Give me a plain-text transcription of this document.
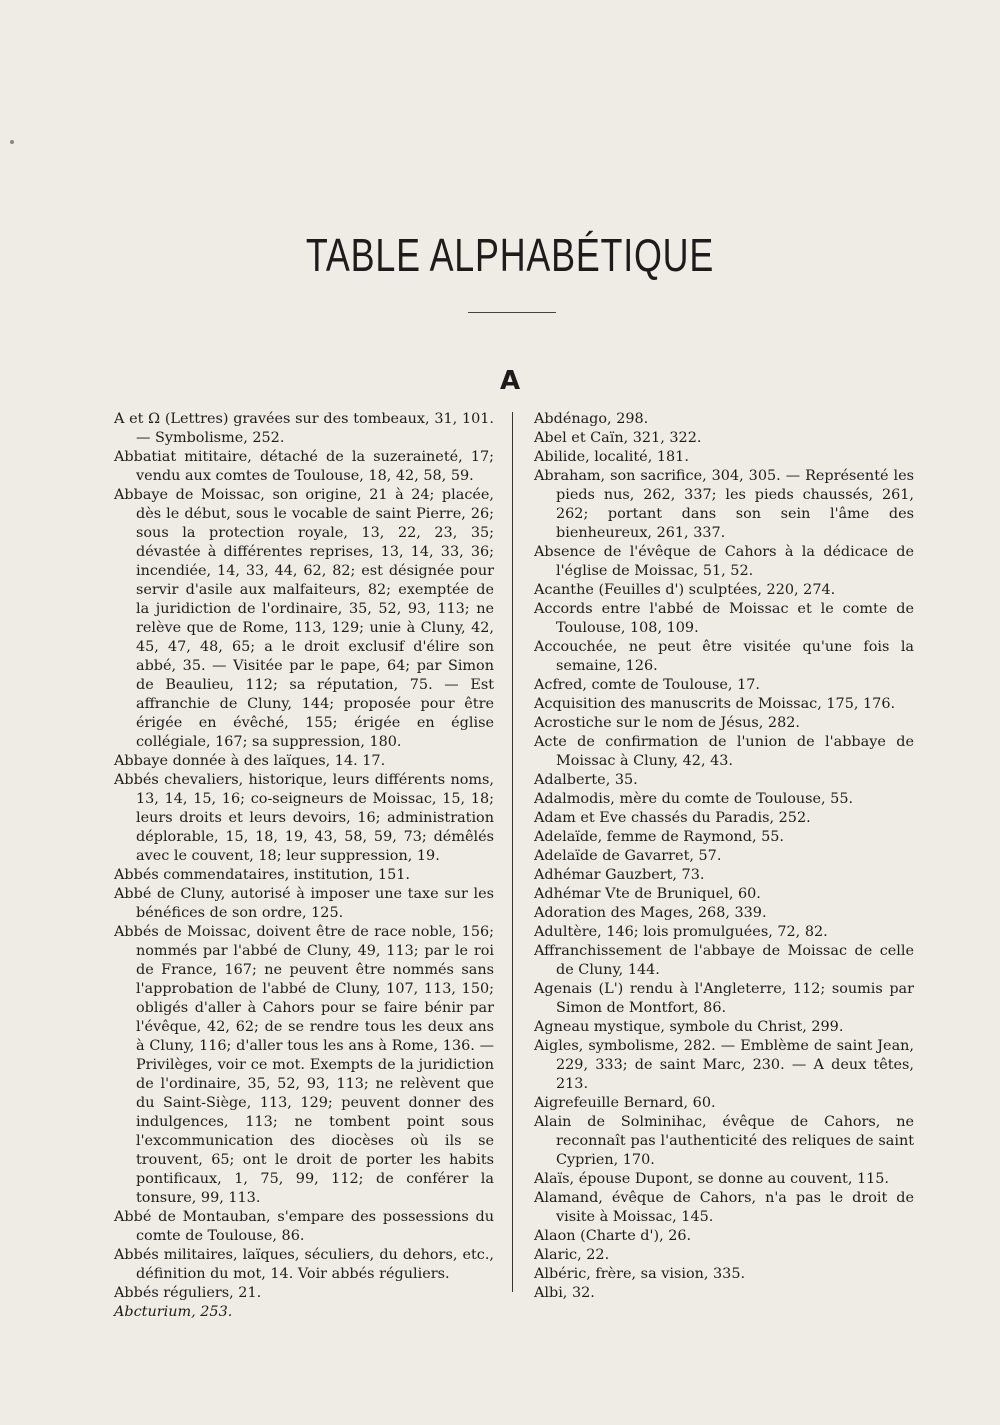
TABLE ALPHABÉTIQUE
A
A et Ω (Lettres) gravées sur des tombeaux, 31, 101. — Symbolisme, 252.
Abbatiat mititaire, détaché de la suzeraineté, 17; vendu aux comtes de Toulouse, 18, 42, 58, 59.
Abbaye de Moissac, son origine, 21 à 24; placée, dès le début, sous le vocable de saint Pierre, 26; sous la protection royale, 13, 22, 23, 35; dévastée à différentes reprises, 13, 14, 33, 36; incendiée, 14, 33, 44, 62, 82; est désignée pour servir d'asile aux malfaiteurs, 82; exemptée de la juridiction de l'ordinaire, 35, 52, 93, 113; ne relève que de Rome, 113, 129; unie à Cluny, 42, 45, 47, 48, 65; a le droit exclusif d'élire son abbé, 35. — Visitée par le pape, 64; par Simon de Beaulieu, 112; sa réputation, 75. — Est affranchie de Cluny, 144; proposée pour être érigée en évêché, 155; érigée en église collégiale, 167; sa suppression, 180.
Abbaye donnée à des laïques, 14. 17.
Abbés chevaliers, historique, leurs différents noms, 13, 14, 15, 16; co-seigneurs de Moissac, 15, 18; leurs droits et leurs devoirs, 16; administration déplorable, 15, 18, 19, 43, 58, 59, 73; démêlés avec le couvent, 18; leur suppression, 19.
Abbés commendataires, institution, 151.
Abbé de Cluny, autorisé à imposer une taxe sur les bénéfices de son ordre, 125.
Abbés de Moissac, doivent être de race noble, 156; nommés par l'abbé de Cluny, 49, 113; par le roi de France, 167; ne peuvent être nommés sans l'approbation de l'abbé de Cluny, 107, 113, 150; obligés d'aller à Cahors pour se faire bénir par l'évêque, 42, 62; de se rendre tous les deux ans à Cluny, 116; d'aller tous les ans à Rome, 136. — Privilèges, voir ce mot. Exempts de la juridiction de l'ordinaire, 35, 52, 93, 113; ne relèvent que du Saint-Siège, 113, 129; peuvent donner des indulgences, 113; ne tombent point sous l'excommunication des diocèses où ils se trouvent, 65; ont le droit de porter les habits pontificaux, 1, 75, 99, 112; de conférer la tonsure, 99, 113.
Abbé de Montauban, s'empare des possessions du comte de Toulouse, 86.
Abbés militaires, laïques, séculiers, du dehors, etc., définition du mot, 14. Voir abbés réguliers.
Abbés réguliers, 21.
Abcturium, 253.
Abdénago, 298.
Abel et Caïn, 321, 322.
Abilide, localité, 181.
Abraham, son sacrifice, 304, 305. — Représenté les pieds nus, 262, 337; les pieds chaussés, 261, 262; portant dans son sein l'âme des bienheureux, 261, 337.
Absence de l'évêque de Cahors à la dédicace de l'église de Moissac, 51, 52.
Acanthe (Feuilles d') sculptées, 220, 274.
Accords entre l'abbé de Moissac et le comte de Toulouse, 108, 109.
Accouchée, ne peut être visitée qu'une fois la semaine, 126.
Acfred, comte de Toulouse, 17.
Acquisition des manuscrits de Moissac, 175, 176.
Acrostiche sur le nom de Jésus, 282.
Acte de confirmation de l'union de l'abbaye de Moissac à Cluny, 42, 43.
Adalberte, 35.
Adalmodis, mère du comte de Toulouse, 55.
Adam et Eve chassés du Paradis, 252.
Adelaïde, femme de Raymond, 55.
Adelaïde de Gavarret, 57.
Adhémar Gauzbert, 73.
Adhémar Vte de Bruniquel, 60.
Adoration des Mages, 268, 339.
Adultère, 146; lois promulguées, 72, 82.
Affranchissement de l'abbaye de Moissac de celle de Cluny, 144.
Agenais (L') rendu à l'Angleterre, 112; soumis par Simon de Montfort, 86.
Agneau mystique, symbole du Christ, 299.
Aigles, symbolisme, 282. — Emblème de saint Jean, 229, 333; de saint Marc, 230. — A deux têtes, 213.
Aigrefeuille Bernard, 60.
Alain de Solminihac, évêque de Cahors, ne reconnaît pas l'authenticité des reliques de saint Cyprien, 170.
Alaïs, épouse Dupont, se donne au couvent, 115.
Alamand, évêque de Cahors, n'a pas le droit de visite à Moissac, 145.
Alaon (Charte d'), 26.
Alaric, 22.
Albéric, frère, sa vision, 335.
Albi, 32.
